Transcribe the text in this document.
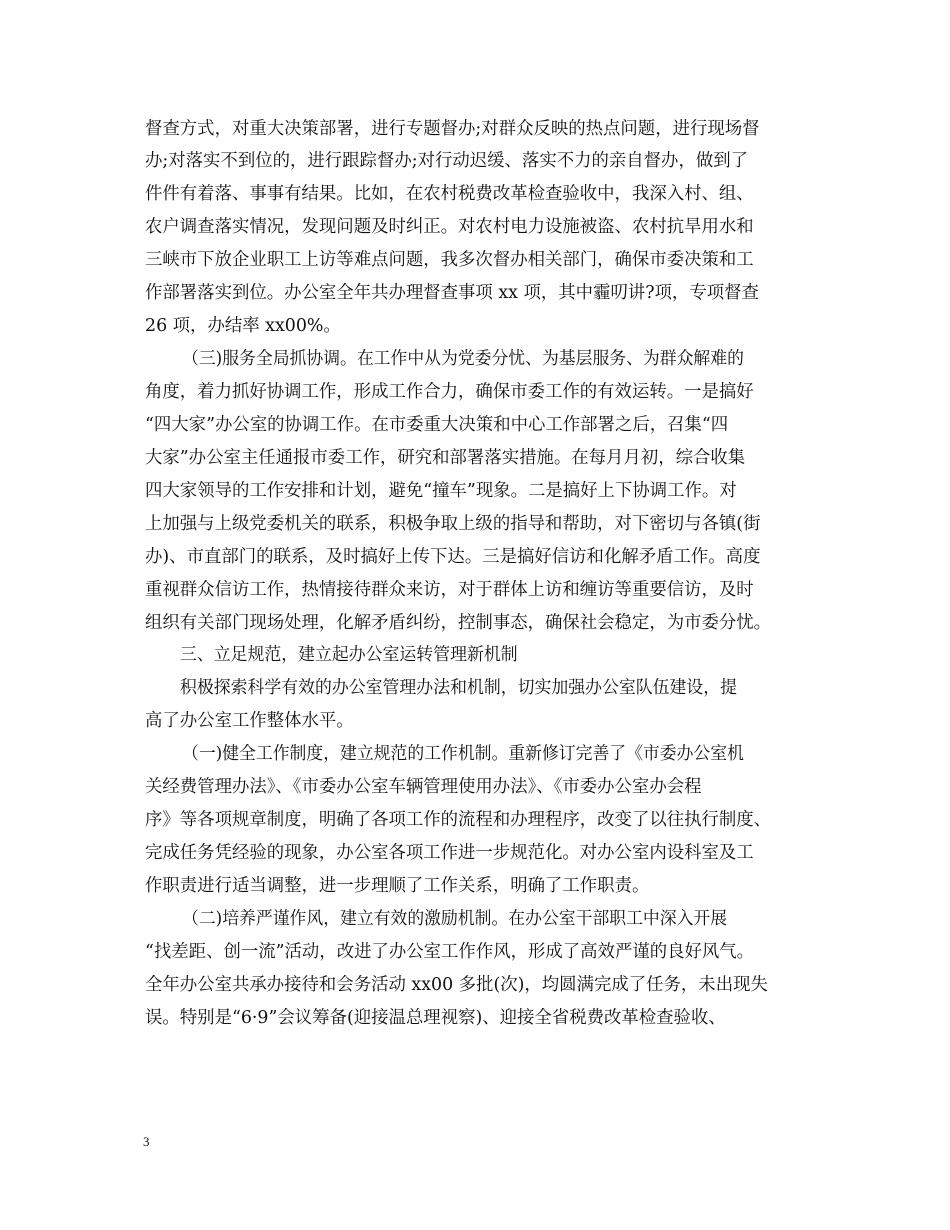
督查方式，对重大决策部署，进行专题督办;对群众反映的热点问题，进行现场督
办;对落实不到位的，进行跟踪督办;对行动迟缓、落实不力的亲自督办，做到了
件件有着落、事事有结果。比如，在农村税费改革检查验收中，我深入村、组、
农户调查落实情况，发现问题及时纠正。对农村电力设施被盗、农村抗旱用水和
三峡市下放企业职工上访等难点问题，我多次督办相关部门，确保市委决策和工
作部署落实到位。办公室全年共办理督查事项 xx 项，其中霾叨讲?项，专项督查
26 项，办结率 xx00%。
（三)服务全局抓协调。在工作中从为党委分忧、为基层服务、为群众解难的
角度，着力抓好协调工作，形成工作合力，确保市委工作的有效运转。一是搞好
“四大家”办公室的协调工作。在市委重大决策和中心工作部署之后，召集“四
大家”办公室主任通报市委工作，研究和部署落实措施。在每月月初，综合收集
四大家领导的工作安排和计划，避免“撞车”现象。二是搞好上下协调工作。对
上加强与上级党委机关的联系，积极争取上级的指导和帮助，对下密切与各镇(街
办)、市直部门的联系，及时搞好上传下达。三是搞好信访和化解矛盾工作。高度
重视群众信访工作，热情接待群众来访，对于群体上访和缠访等重要信访，及时
组织有关部门现场处理，化解矛盾纠纷，控制事态，确保社会稳定，为市委分忧。
三、立足规范，建立起办公室运转管理新机制
积极探索科学有效的办公室管理办法和机制，切实加强办公室队伍建设，提
高了办公室工作整体水平。
（一)健全工作制度，建立规范的工作机制。重新修订完善了《市委办公室机
关经费管理办法》、《市委办公室车辆管理使用办法》、《市委办公室办会程
序》等各项规章制度，明确了各项工作的流程和办理程序，改变了以往执行制度、
完成任务凭经验的现象，办公室各项工作进一步规范化。对办公室内设科室及工
作职责进行适当调整，进一步理顺了工作关系，明确了工作职责。
（二)培养严谨作风，建立有效的激励机制。在办公室干部职工中深入开展
“找差距、创一流”活动，改进了办公室工作作风，形成了高效严谨的良好风气。
全年办公室共承办接待和会务活动 xx00 多批(次)，均圆满完成了任务，未出现失
误。特别是“6·9”会议筹备(迎接温总理视察)、迎接全省税费改革检查验收、
3
